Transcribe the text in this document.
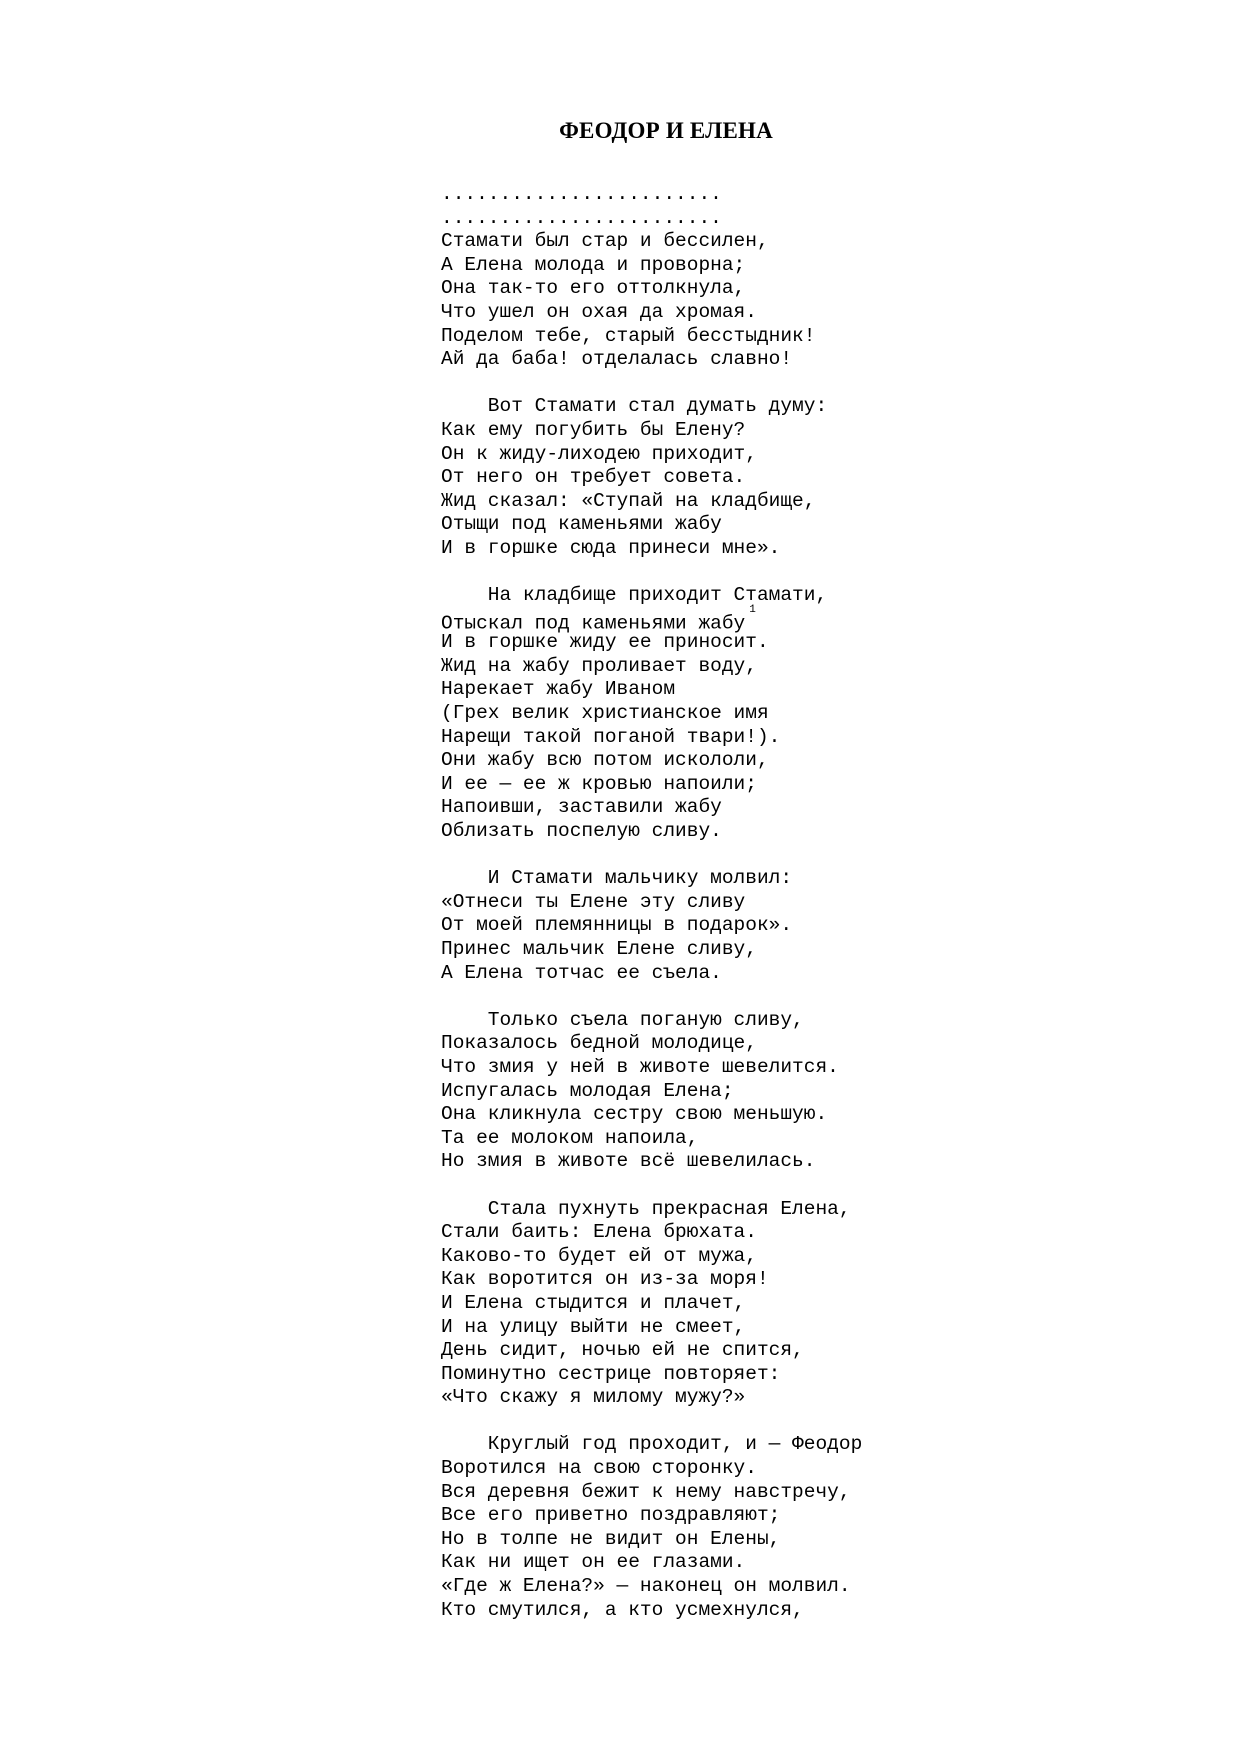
ФЕОДОР И ЕЛЕНА
........................
........................
Стамати был стар и бессилен,
А Елена молода и проворна;
Она так-то его оттолкнула,
Что ушел он охая да хромая.
Поделом тебе, старый бесстыдник!
Ай да баба! отделалась славно!
Вот Стамати стал думать думу:
Как ему погубить бы Елену?
Он к жиду-лиходею приходит,
От него он требует совета.
Жид сказал: «Ступай на кладбище,
Отыщи под каменьями жабу
И в горшке сюда принеси мне».
На кладбище приходит Стамати,
Отыскал под каменьями жабу$^1$
И в горшке жиду ее приносит.
Жид на жабу проливает воду,
Нарекает жабу Иваном
(Грех велик христианское имя
Нарещи такой поганой твари!).
Они жабу всю потом искололи,
И ее — ее ж кровью напоили;
Напоивши, заставили жабу
Облизать поспелую сливу.
И Стамати мальчику молвил:
«Отнеси ты Елене эту сливу
От моей племянницы в подарок».
Принес мальчик Елене сливу,
А Елена тотчас ее съела.
Только съела поганую сливу,
Показалось бедной молодице,
Что змия у ней в животе шевелится.
Испугалась молодая Елена;
Она кликнула сестру свою меньшую.
Та ее молоком напоила,
Но змия в животе всё шевелилась.
Стала пухнуть прекрасная Елена,
Стали баить: Елена брюхата.
Каково-то будет ей от мужа,
Как воротится он из-за моря!
И Елена стыдится и плачет,
И на улицу выйти не смеет,
День сидит, ночью ей не спится,
Поминутно сестрице повторяет:
«Что скажу я милому мужу?»
Круглый год проходит, и — Феодор
Воротился на свою сторонку.
Вся деревня бежит к нему навстречу,
Все его приветно поздравляют;
Но в толпе не видит он Елены,
Как ни ищет он ее глазами.
«Где ж Елена?» — наконец он молвил.
Кто смутился, а кто усмехнулся,
